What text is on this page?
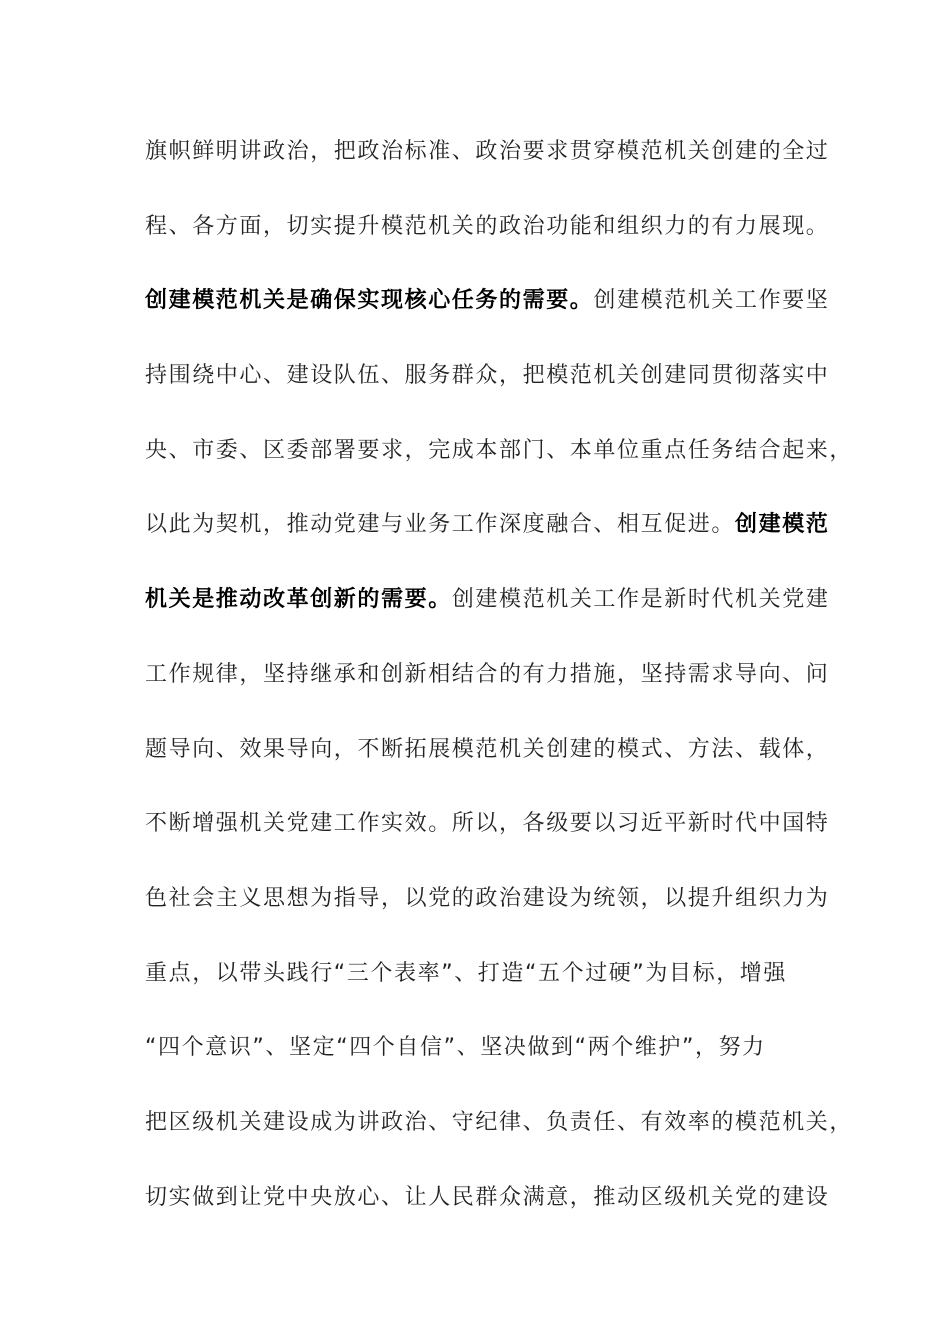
旗帜鲜明讲政治，把政治标准、政治要求贯穿模范机关创建的全过
程、各方面，切实提升模范机关的政治功能和组织力的有力展现。
创建模范机关是确保实现核心任务的需要。创建模范机关工作要坚
持围绕中心、建设队伍、服务群众，把模范机关创建同贯彻落实中
央、市委、区委部署要求，完成本部门、本单位重点任务结合起来，
以此为契机，推动党建与业务工作深度融合、相互促进。创建模范
机关是推动改革创新的需要。创建模范机关工作是新时代机关党建
工作规律，坚持继承和创新相结合的有力措施，坚持需求导向、问
题导向、效果导向，不断拓展模范机关创建的模式、方法、载体，
不断增强机关党建工作实效。所以，各级要以习近平新时代中国特
色社会主义思想为指导，以党的政治建设为统领，以提升组织力为
重点，以带头践行“三个表率”、打造“五个过硬”为目标，增强
“四个意识”、坚定“四个自信”、坚决做到“两个维护”，努力
把区级机关建设成为讲政治、守纪律、负责任、有效率的模范机关，
切实做到让党中央放心、让人民群众满意，推动区级机关党的建设
